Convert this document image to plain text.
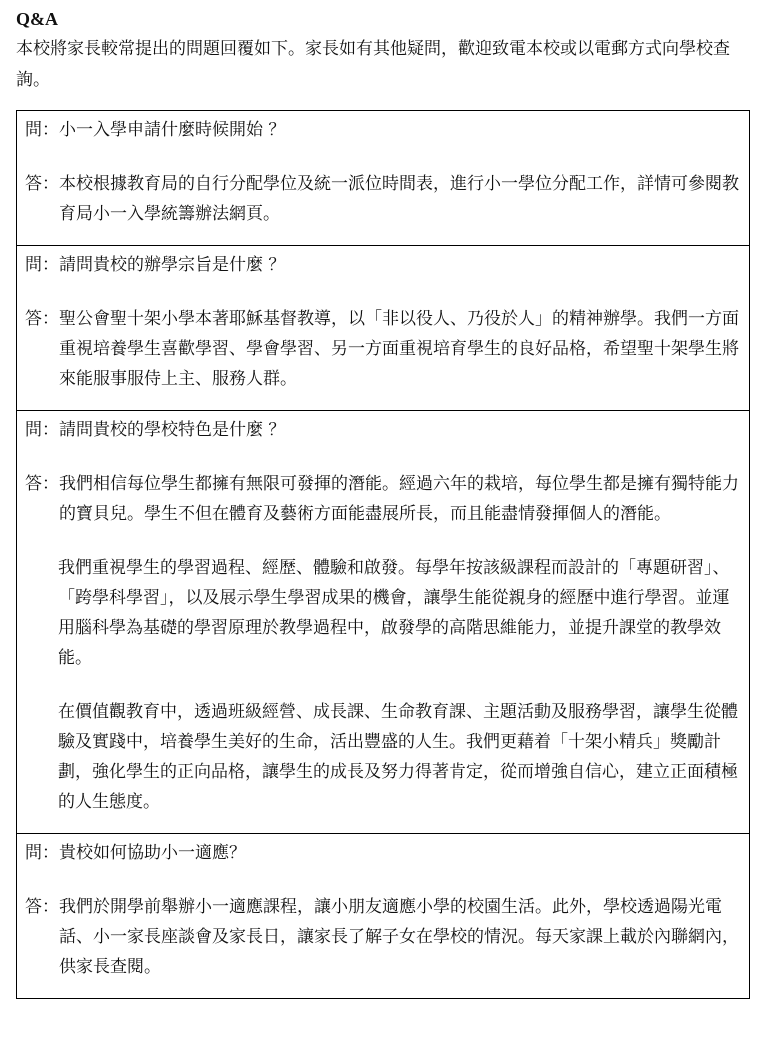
Q&A
本校將家長較常提出的問題回覆如下。家長如有其他疑問，歡迎致電本校或以電郵方式向學校查詢。
問： 小一入學申請什麼時候開始 ？
答： 本校根據教育局的自行分配學位及統一派位時間表，進行小一學位分配工作，詳情可參閱教育局小一入學統籌辦法網頁。

問： 請問貴校的辦學宗旨是什麼 ？
答： 聖公會聖十架小學本著耶穌基督教導，以「非以役人、乃役於人」的精神辦學。我們一方面重視培養學生喜歡學習、學會學習、另一方面重視培育學生的良好品格，希望聖十架學生將來能服事服侍上主、服務人群。

問： 請問貴校的學校特色是什麼 ？
答： 我們相信每位學生都擁有無限可發揮的潛能。經過六年的栽培，每位學生都是擁有獨特能力的寶貝兒。學生不但在體育及藝術方面能盡展所長，而且能盡情發揮個人的潛能。
我們重視學生的學習過程、經歷、體驗和啟發。每學年按該級課程而設計的「專題研習」、「跨學科學習」，以及展示學生學習成果的機會，讓學生能從親身的經歷中進行學習。並運用腦科學為基礎的學習原理於教學過程中，啟發學的高階思維能力，並提升課堂的教學效能。
在價值觀教育中，透過班級經營、成長課、生命教育課、主題活動及服務學習，讓學生從體驗及實踐中，培養學生美好的生命，活出豐盛的人生。我們更藉着「十架小精兵」獎勵計劃，強化學生的正向品格，讓學生的成長及努力得著肯定，從而增強自信心，建立正面積極的人生態度。

問： 貴校如何協助小一適應？
答： 我們於開學前舉辦小一適應課程，讓小朋友適應小學的校園生活。此外，學校透過陽光電話、小一家長座談會及家長日，讓家長了解子女在學校的情況。每天家課上載於內聯網內，供家長查閱。
